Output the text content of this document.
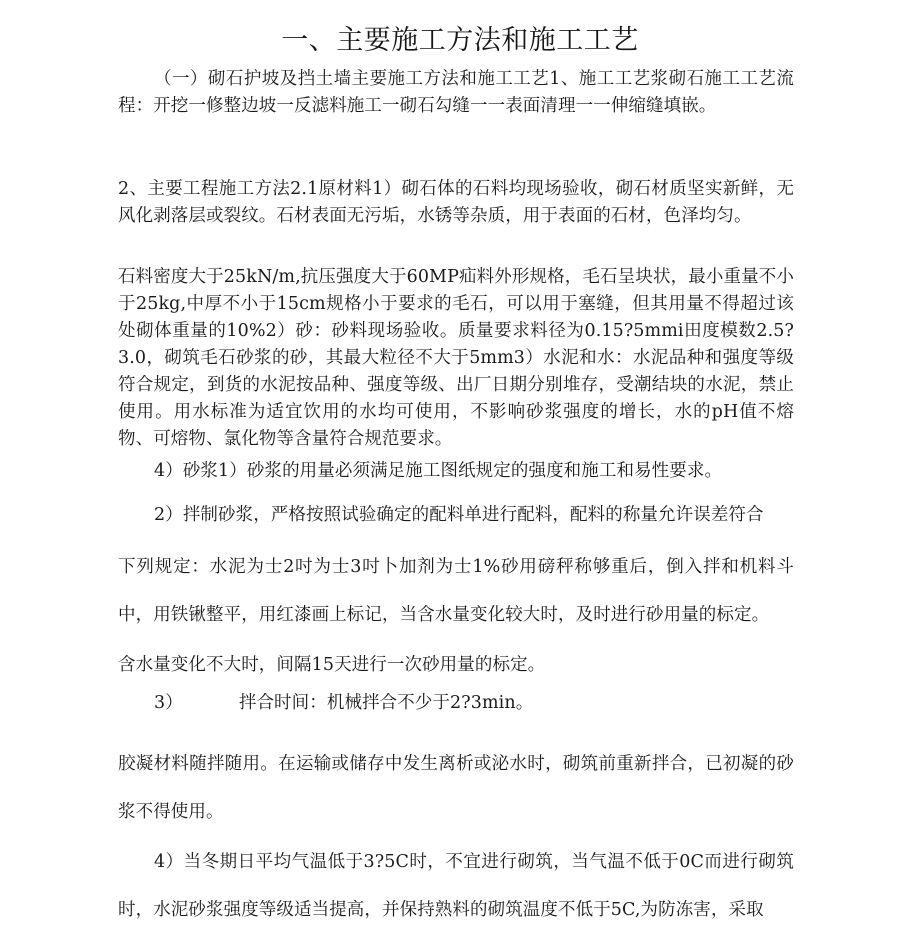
一、主要施工方法和施工工艺
（一）砌石护坡及挡土墙主要施工方法和施工工艺1、施工工艺浆砌石施工工艺流程：开挖一修整边坡一反滤料施工一砌石勾缝一一表面清理一一伸缩缝填嵌。
2、主要工程施工方法2.1原材料1）砌石体的石料均现场验收，砌石材质坚实新鲜，无风化剥落层或裂纹。石材表面无污垢，水锈等杂质，用于表面的石材，色泽均匀。
石料密度大于25kN/m,抗压强度大于60MP疝料外形规格，毛石呈块状，最小重量不小于25kg,中厚不小于15cm规格小于要求的毛石，可以用于塞缝，但其用量不得超过该处砌体重量的10%2）砂：砂料现场验收。质量要求料径为0.15?5mmi田度模数2.5?3.0，砌筑毛石砂浆的砂，其最大粒径不大于5mm3）水泥和水：水泥品种和强度等级符合规定，到货的水泥按品种、强度等级、出厂日期分别堆存，受潮结块的水泥，禁止使用。用水标准为适宜饮用的水均可使用，不影响砂浆强度的增长，水的pH值不熔物、可熔物、氯化物等含量符合规范要求。
4）砂浆1）砂浆的用量必须满足施工图纸规定的强度和施工和易性要求。
2）拌制砂浆，严格按照试验确定的配料单进行配料，配料的称量允许误差符合
下列规定：水泥为士2吋为士3吋卜加剂为士1%砂用磅秤称够重后，倒入拌和机料斗中，用铁锹整平，用红漆画上标记，当含水量变化较大时，及时进行砂用量的标定。
含水量变化不大时，间隔15天进行一次砂用量的标定。
3）	拌合时间：机械拌合不少于2?3min。
胶凝材料随拌随用。在运输或储存中发生离析或泌水时，砌筑前重新拌合，已初凝的砂浆不得使用。
4）当冬期日平均气温低于3?5C时，不宜进行砌筑，当气温不低于0C而进行砌筑时，水泥砂浆强度等级适当提高，并保持熟料的砌筑温度不低于5C,为防冻害，采取
